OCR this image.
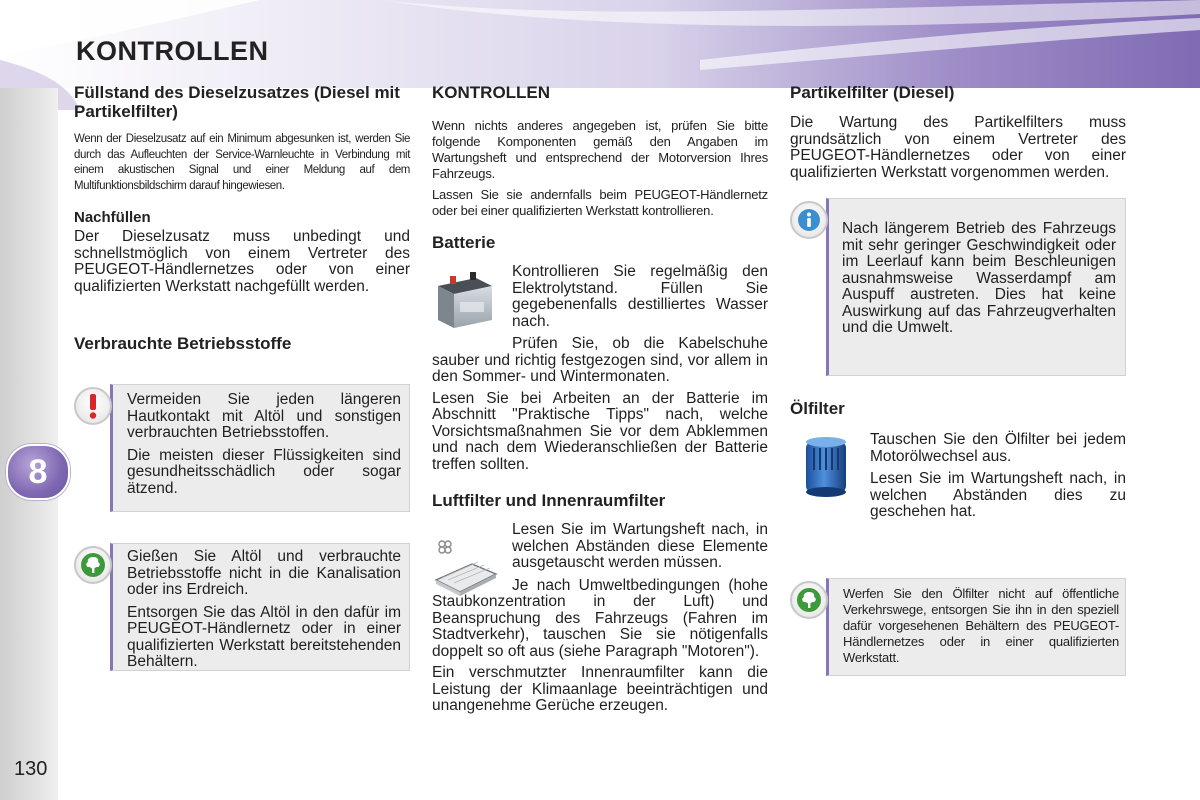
KONTROLLEN
8
130
Füllstand des Dieselzusatzes (Diesel mit Partikelfilter)

Wenn der Dieselzusatz auf ein Minimum abgesunken ist, werden Sie durch das Aufleuchten der Service-Warnleuchte in Verbindung mit einem akustischen Signal und einer Meldung auf dem Multifunktionsbildschirm darauf hingewiesen.

Nachfüllen

Der Dieselzusatz muss unbedingt und schnellstmöglich von einem Vertreter des PEUGEOT-Händlernetzes oder von einer qualifizierten Werkstatt nachgefüllt werden.

Verbrauchte Betriebsstoffe

Vermeiden Sie jeden längeren Hautkontakt mit Altöl und sonstigen verbrauchten Betriebsstoffen.

Die meisten dieser Flüssigkeiten sind gesundheitsschädlich oder sogar ätzend.

Gießen Sie Altöl und verbrauchte Betriebsstoffe nicht in die Kanalisation oder ins Erdreich.

Entsorgen Sie das Altöl in den dafür im PEUGEOT-Händlernetz oder in einer qualifizierten Werkstatt bereitstehenden Behältern.

KONTROLLEN

Wenn nichts anderes angegeben ist, prüfen Sie bitte folgende Komponenten gemäß den Angaben im Wartungsheft und entsprechend der Motorversion Ihres Fahrzeugs.

Lassen Sie sie andernfalls beim PEUGEOT-Händlernetz oder bei einer qualifizierten Werkstatt kontrollieren.

Batterie

Kontrollieren Sie regelmäßig den Elektrolytstand. Füllen Sie gegebenenfalls destilliertes Wasser nach.

Prüfen Sie, ob die Kabelschuhe sauber und richtig festgezogen sind, vor allem in den Sommer- und Wintermonaten.

Lesen Sie bei Arbeiten an der Batterie im Abschnitt "Praktische Tipps" nach, welche Vorsichtsmaßnahmen Sie vor dem Abklemmen und nach dem Wiederanschließen der Batterie treffen sollten.

Luftfilter und Innenraumfilter

Lesen Sie im Wartungsheft nach, in welchen Abständen diese Elemente ausgetauscht werden müssen.

Je nach Umweltbedingungen (hohe Staubkonzentration in der Luft) und Beanspruchung des Fahrzeugs (Fahren im Stadtverkehr), tauschen Sie sie nötigenfalls doppelt so oft aus (siehe Paragraph "Motoren").

Ein verschmutzter Innenraumfilter kann die Leistung der Klimaanlage beeinträchtigen und unangenehme Gerüche erzeugen.

Partikelfilter (Diesel)

Die Wartung des Partikelfilters muss grundsätzlich von einem Vertreter des PEUGEOT-Händlernetzes oder von einer qualifizierten Werkstatt vorgenommen werden.

Nach längerem Betrieb des Fahrzeugs mit sehr geringer Geschwindigkeit oder im Leerlauf kann beim Beschleunigen ausnahmsweise Wasserdampf am Auspuff austreten. Dies hat keine Auswirkung auf das Fahrzeugverhalten und die Umwelt.

Ölfilter

Tauschen Sie den Ölfilter bei jedem Motorölwechsel aus.

Lesen Sie im Wartungsheft nach, in welchen Abständen dies zu geschehen hat.

Werfen Sie den Ölfilter nicht auf öffentliche Verkehrswege, entsorgen Sie ihn in den speziell dafür vorgesehenen Behältern des PEUGEOT-Händlernetzes oder in einer qualifizierten Werkstatt.
